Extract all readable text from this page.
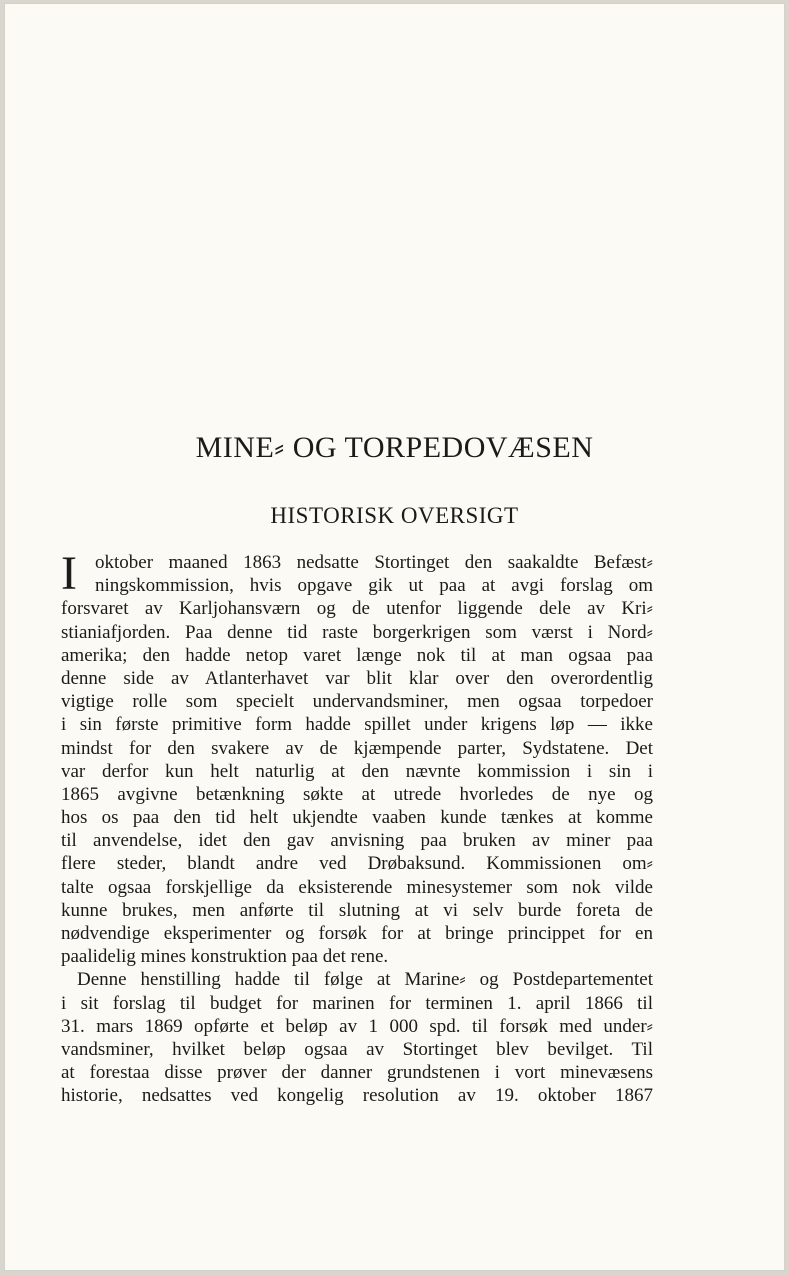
MINE⸗ OG TORPEDOVÆSEN
HISTORISK OVERSIGT
I oktober maaned 1863 nedsatte Stortinget den saakaldte Befæst⸗
ningskommission, hvis opgave gik ut paa at avgi forslag om
forsvaret av Karljohansværn og de utenfor liggende dele av Kri⸗
stianiafjorden. Paa denne tid raste borgerkrigen som værst i Nord⸗
amerika; den hadde netop varet længe nok til at man ogsaa paa
denne side av Atlanterhavet var blit klar over den overordentlig
vigtige rolle som specielt undervandsminer, men ogsaa torpedoer
i sin første primitive form hadde spillet under krigens løp — ikke
mindst for den svakere av de kjæmpende parter, Sydstatene. Det
var derfor kun helt naturlig at den nævnte kommission i sin i
1865 avgivne betænkning søkte at utrede hvorledes de nye og
hos os paa den tid helt ukjendte vaaben kunde tænkes at komme
til anvendelse, idet den gav anvisning paa bruken av miner paa
flere steder, blandt andre ved Drøbaksund. Kommissionen om⸗
talte ogsaa forskjellige da eksisterende minesystemer som nok vilde
kunne brukes, men anførte til slutning at vi selv burde foreta de
nødvendige eksperimenter og forsøk for at bringe princippet for en
paalidelig mines konstruktion paa det rene.
Denne henstilling hadde til følge at Marine⸗ og Postdepartementet
i sit forslag til budget for marinen for terminen 1. april 1866 til
31. mars 1869 opførte et beløp av 1 000 spd. til forsøk med under⸗
vandsminer, hvilket beløp ogsaa av Stortinget blev bevilget. Til
at forestaa disse prøver der danner grundstenen i vort minevæsens
historie, nedsattes ved kongelig resolution av 19. oktober 1867
